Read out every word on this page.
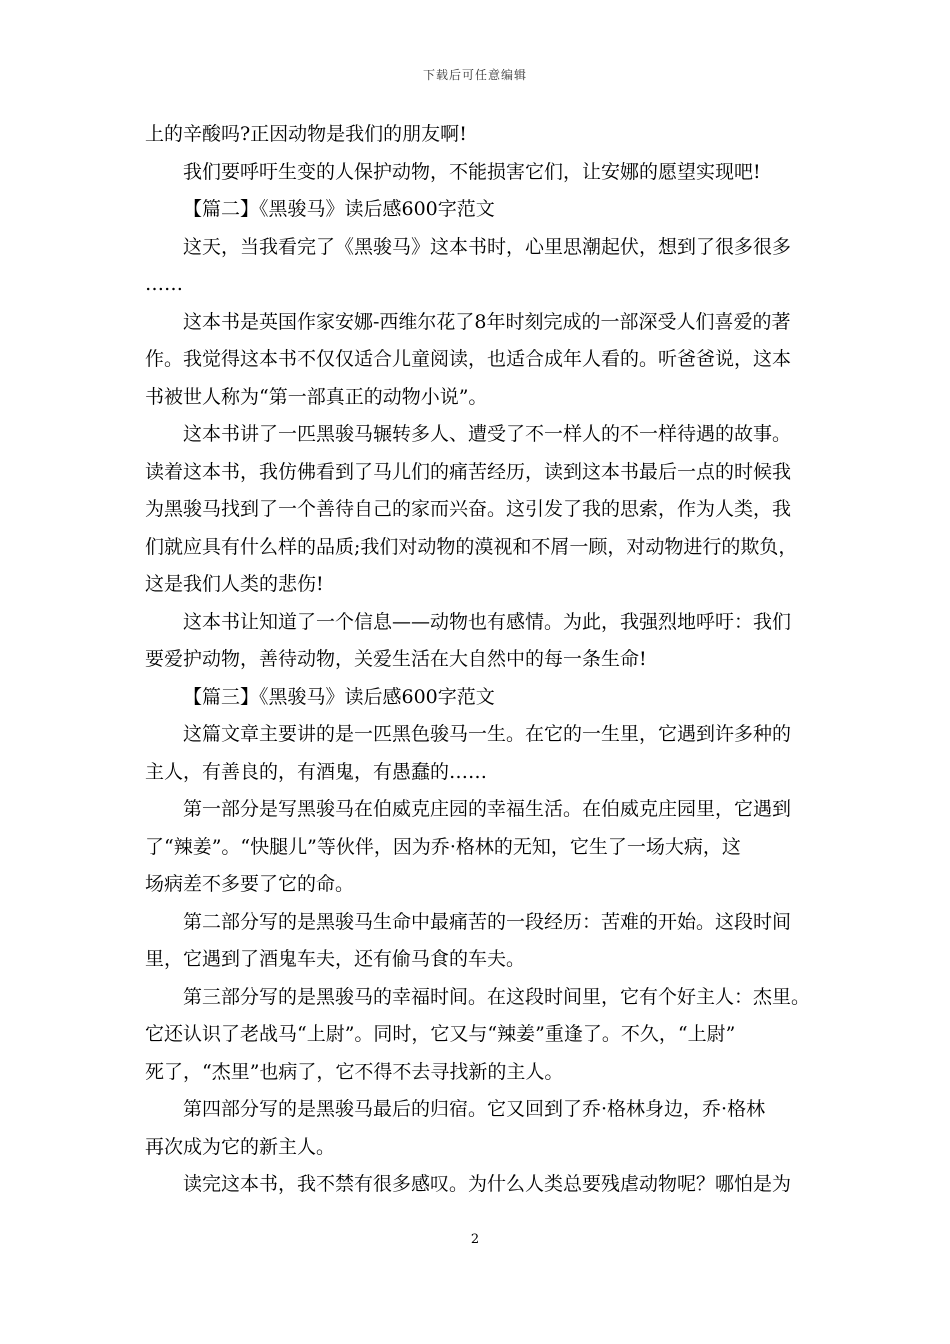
下载后可任意编辑
上的辛酸吗?正因动物是我们的朋友啊!
我们要呼吁生变的人保护动物，不能损害它们，让安娜的愿望实现吧!
【篇二】《黑骏马》读后感600字范文
这天，当我看完了《黑骏马》这本书时，心里思潮起伏，想到了很多很多
……
这本书是英国作家安娜-西维尔花了8年时刻完成的一部深受人们喜爱的著
作。我觉得这本书不仅仅适合儿童阅读，也适合成年人看的。听爸爸说，这本
书被世人称为“第一部真正的动物小说”。
这本书讲了一匹黑骏马辗转多人、遭受了不一样人的不一样待遇的故事。
读着这本书，我仿佛看到了马儿们的痛苦经历，读到这本书最后一点的时候我
为黑骏马找到了一个善待自己的家而兴奋。这引发了我的思索，作为人类，我
们就应具有什么样的品质;我们对动物的漠视和不屑一顾，对动物进行的欺负，
这是我们人类的悲伤!
这本书让知道了一个信息——动物也有感情。为此，我强烈地呼吁：我们
要爱护动物，善待动物，关爱生活在大自然中的每一条生命!
【篇三】《黑骏马》读后感600字范文
这篇文章主要讲的是一匹黑色骏马一生。在它的一生里，它遇到许多种的
主人，有善良的，有酒鬼，有愚蠢的……
第一部分是写黑骏马在伯威克庄园的幸福生活。在伯威克庄园里，它遇到
了“辣姜”。“快腿儿”等伙伴，因为乔·格林的无知，它生了一场大病，这
场病差不多要了它的命。
第二部分写的是黑骏马生命中最痛苦的一段经历：苦难的开始。这段时间
里，它遇到了酒鬼车夫，还有偷马食的车夫。
第三部分写的是黑骏马的幸福时间。在这段时间里，它有个好主人：杰里。
它还认识了老战马“上尉”。同时，它又与“辣姜”重逢了。不久，“上尉”
死了，“杰里”也病了，它不得不去寻找新的主人。
第四部分写的是黑骏马最后的归宿。它又回到了乔·格林身边，乔·格林
再次成为它的新主人。
读完这本书，我不禁有很多感叹。为什么人类总要残虐动物呢？哪怕是为
2
